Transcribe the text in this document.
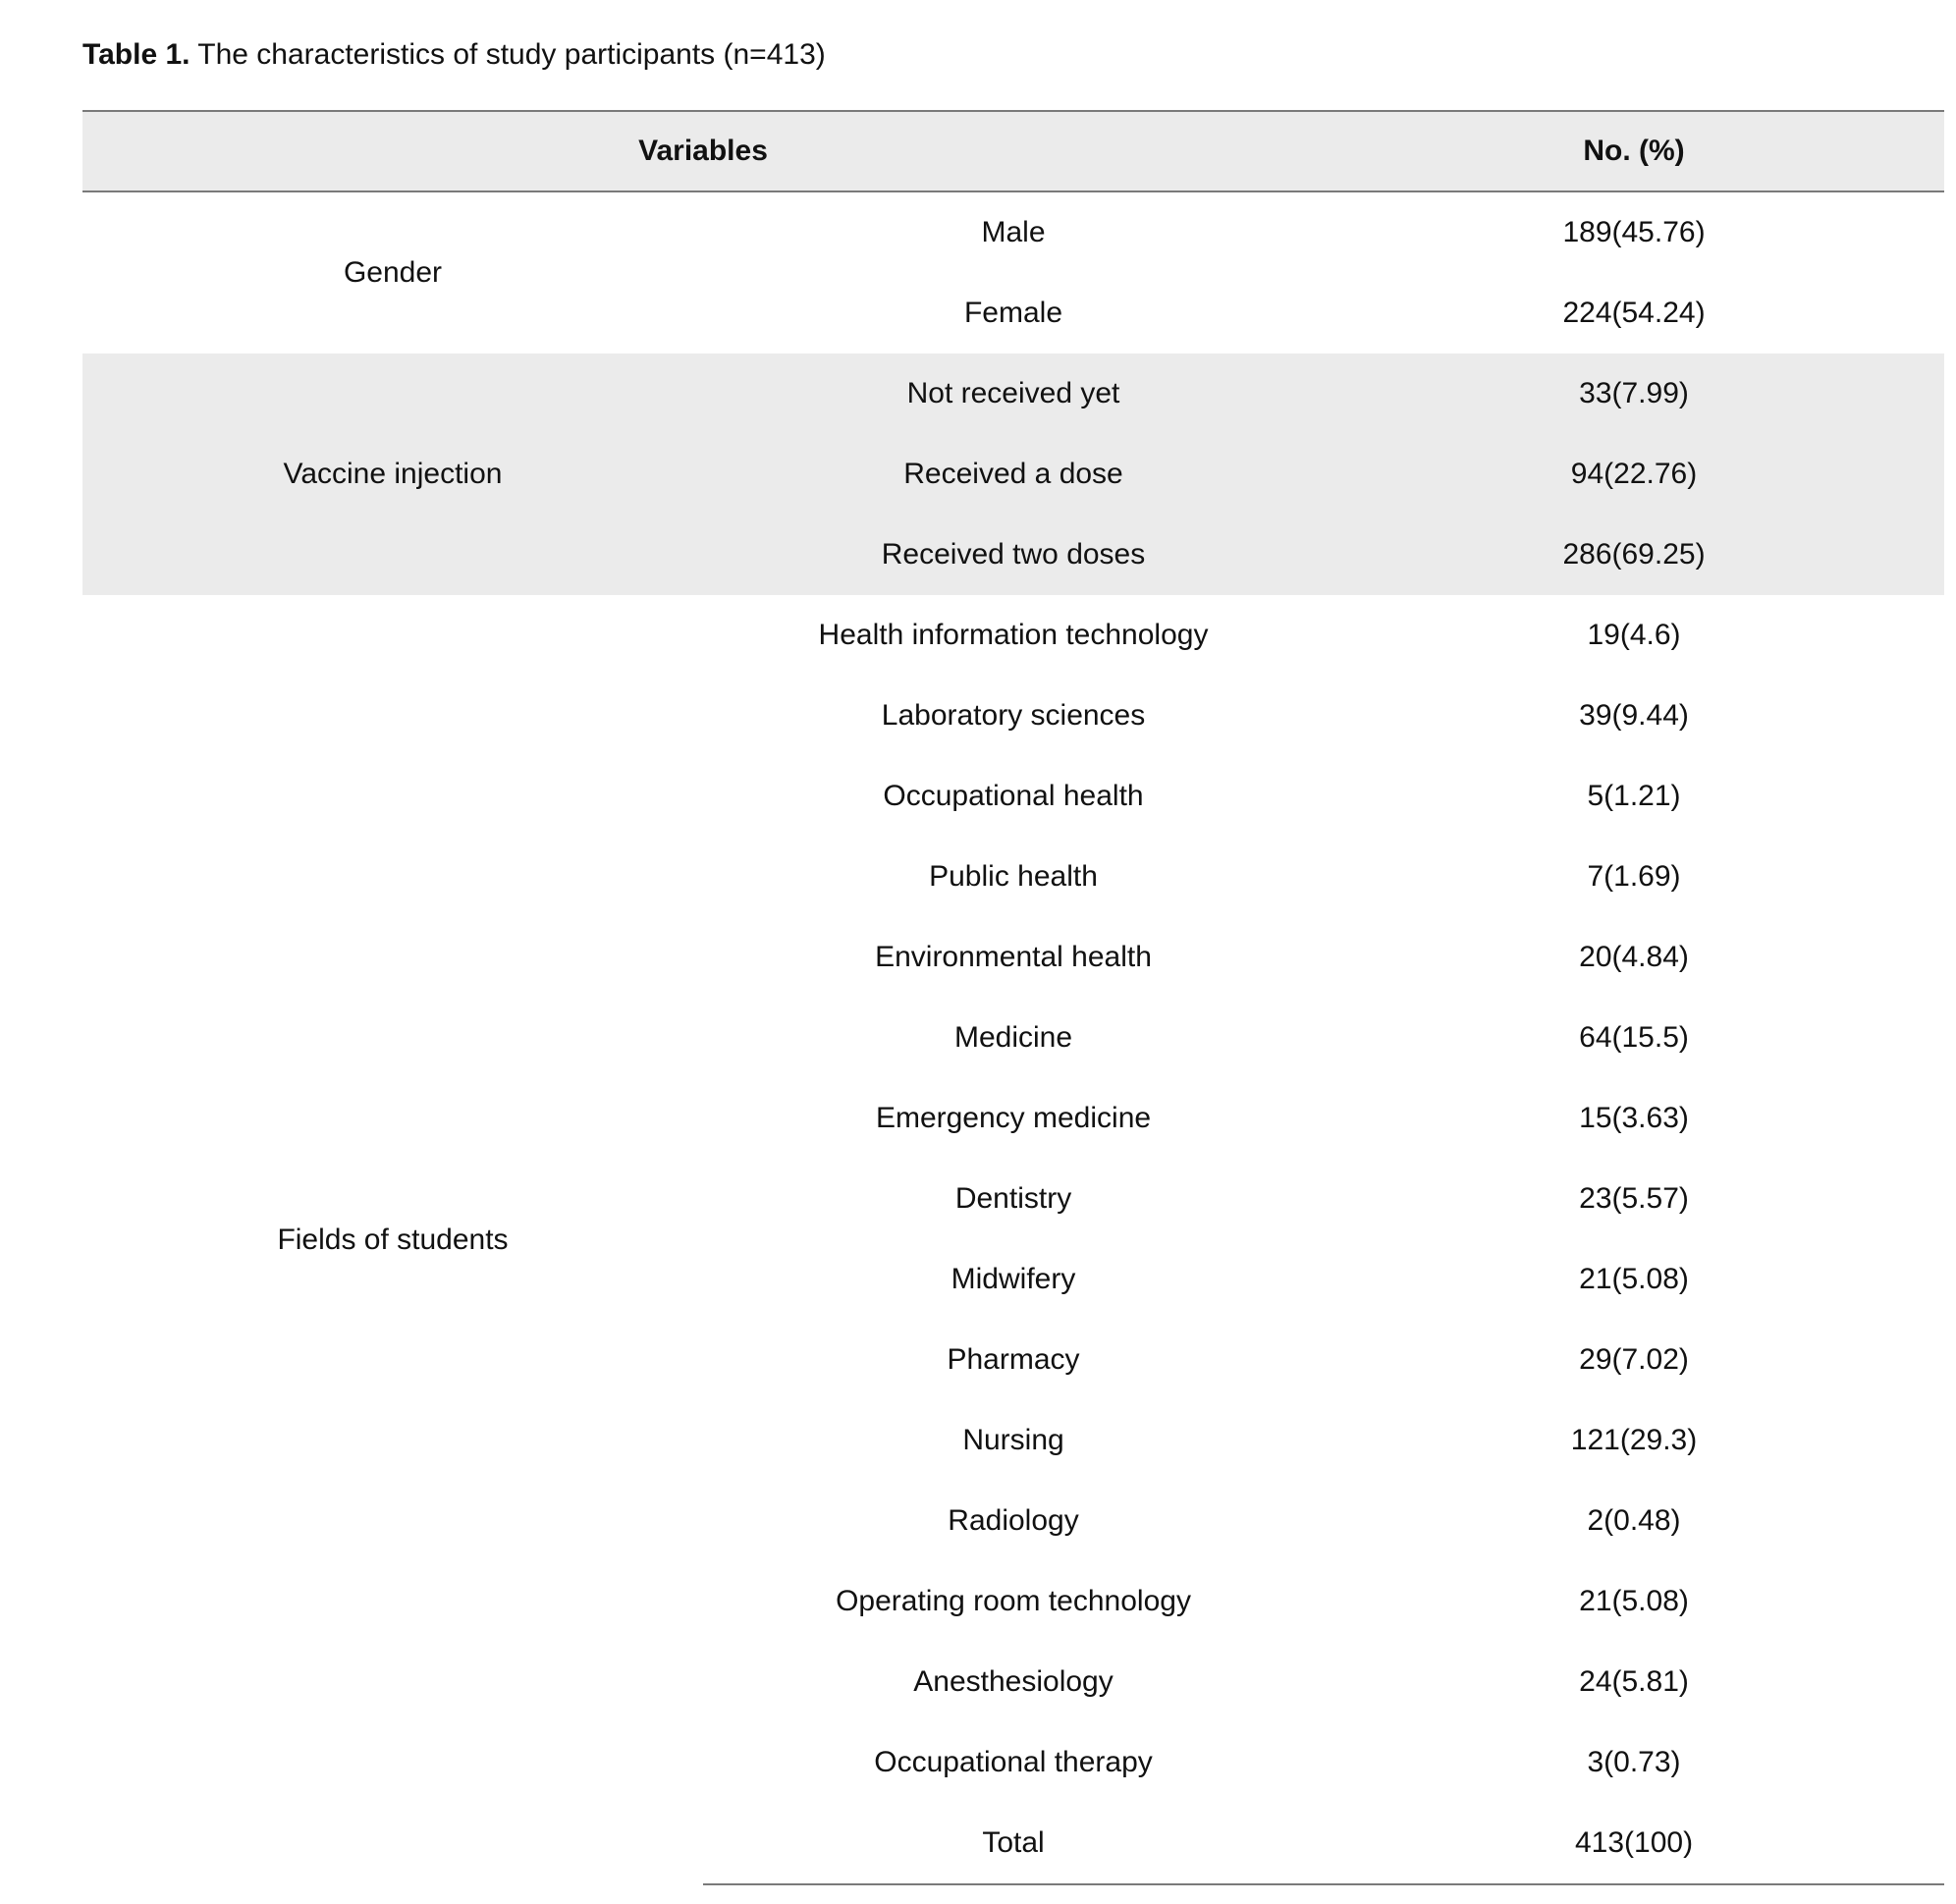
Table 1. The characteristics of study participants (n=413)
Variables		No. (%)
Gender	Male	189(45.76)
	Female	224(54.24)
Vaccine injection	Not received yet	33(7.99)
	Received a dose	94(22.76)
	Received two doses	286(69.25)
Fields of students	Health information technology	19(4.6)
	Laboratory sciences	39(9.44)
	Occupational health	5(1.21)
	Public health	7(1.69)
	Environmental health	20(4.84)
	Medicine	64(15.5)
	Emergency medicine	15(3.63)
	Dentistry	23(5.57)
	Midwifery	21(5.08)
	Pharmacy	29(7.02)
	Nursing	121(29.3)
	Radiology	2(0.48)
	Operating room technology	21(5.08)
	Anesthesiology	24(5.81)
	Occupational therapy	3(0.73)
	Total	413(100)
